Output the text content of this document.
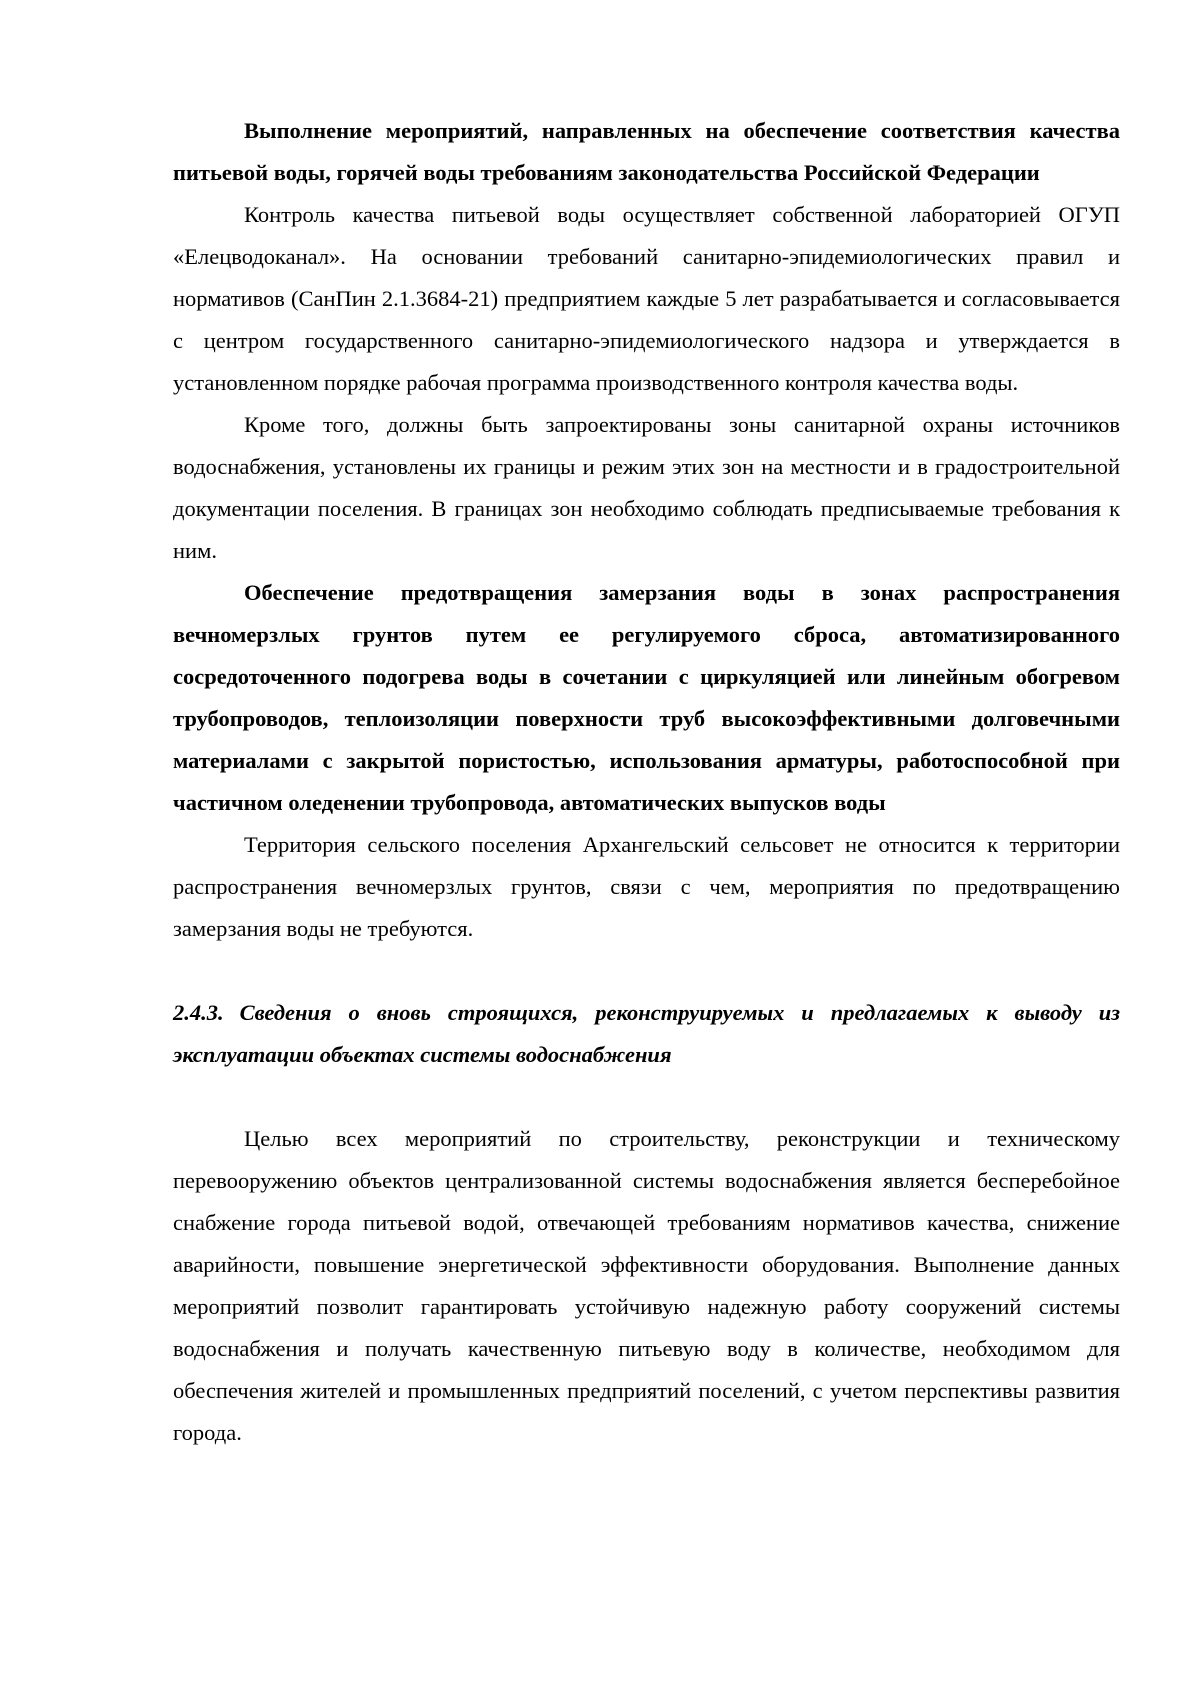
Выполнение мероприятий, направленных на обеспечение соответствия качества питьевой воды, горячей воды требованиям законодательства Российской Федерации

Контроль качества питьевой воды осуществляет собственной лабораторией ОГУП «Елецводоканал». На основании требований санитарно-эпидемиологических правил и нормативов (СанПин 2.1.3684-21) предприятием каждые 5 лет разрабатывается и согласовывается с центром государственного санитарно-эпидемиологического надзора и утверждается в установленном порядке рабочая программа производственного контроля качества воды.

Кроме того, должны быть запроектированы зоны санитарной охраны источников водоснабжения, установлены их границы и режим этих зон на местности и в градостроительной документации поселения. В границах зон необходимо соблюдать предписываемые требования к ним.

Обеспечение предотвращения замерзания воды в зонах распространения вечномерзлых грунтов путем ее регулируемого сброса, автоматизированного сосредоточенного подогрева воды в сочетании с циркуляцией или линейным обогревом трубопроводов, теплоизоляции поверхности труб высокоэффективными долговечными материалами с закрытой пористостью, использования арматуры, работоспособной при частичном оледенении трубопровода, автоматических выпусков воды

Территория сельского поселения Архангельский сельсовет не относится к территории распространения вечномерзлых грунтов, связи с чем, мероприятия по предотвращению замерзания воды не требуются.

2.4.3. Сведения о вновь строящихся, реконструируемых и предлагаемых к выводу из эксплуатации объектах системы водоснабжения

Целью всех мероприятий по строительству, реконструкции и техническому перевооружению объектов централизованной системы водоснабжения является бесперебойное снабжение города питьевой водой, отвечающей требованиям нормативов качества, снижение аварийности, повышение энергетической эффективности оборудования. Выполнение данных мероприятий позволит гарантировать устойчивую надежную работу сооружений системы водоснабжения и получать качественную питьевую воду в количестве, необходимом для обеспечения жителей и промышленных предприятий поселений, с учетом перспективы развития города.
